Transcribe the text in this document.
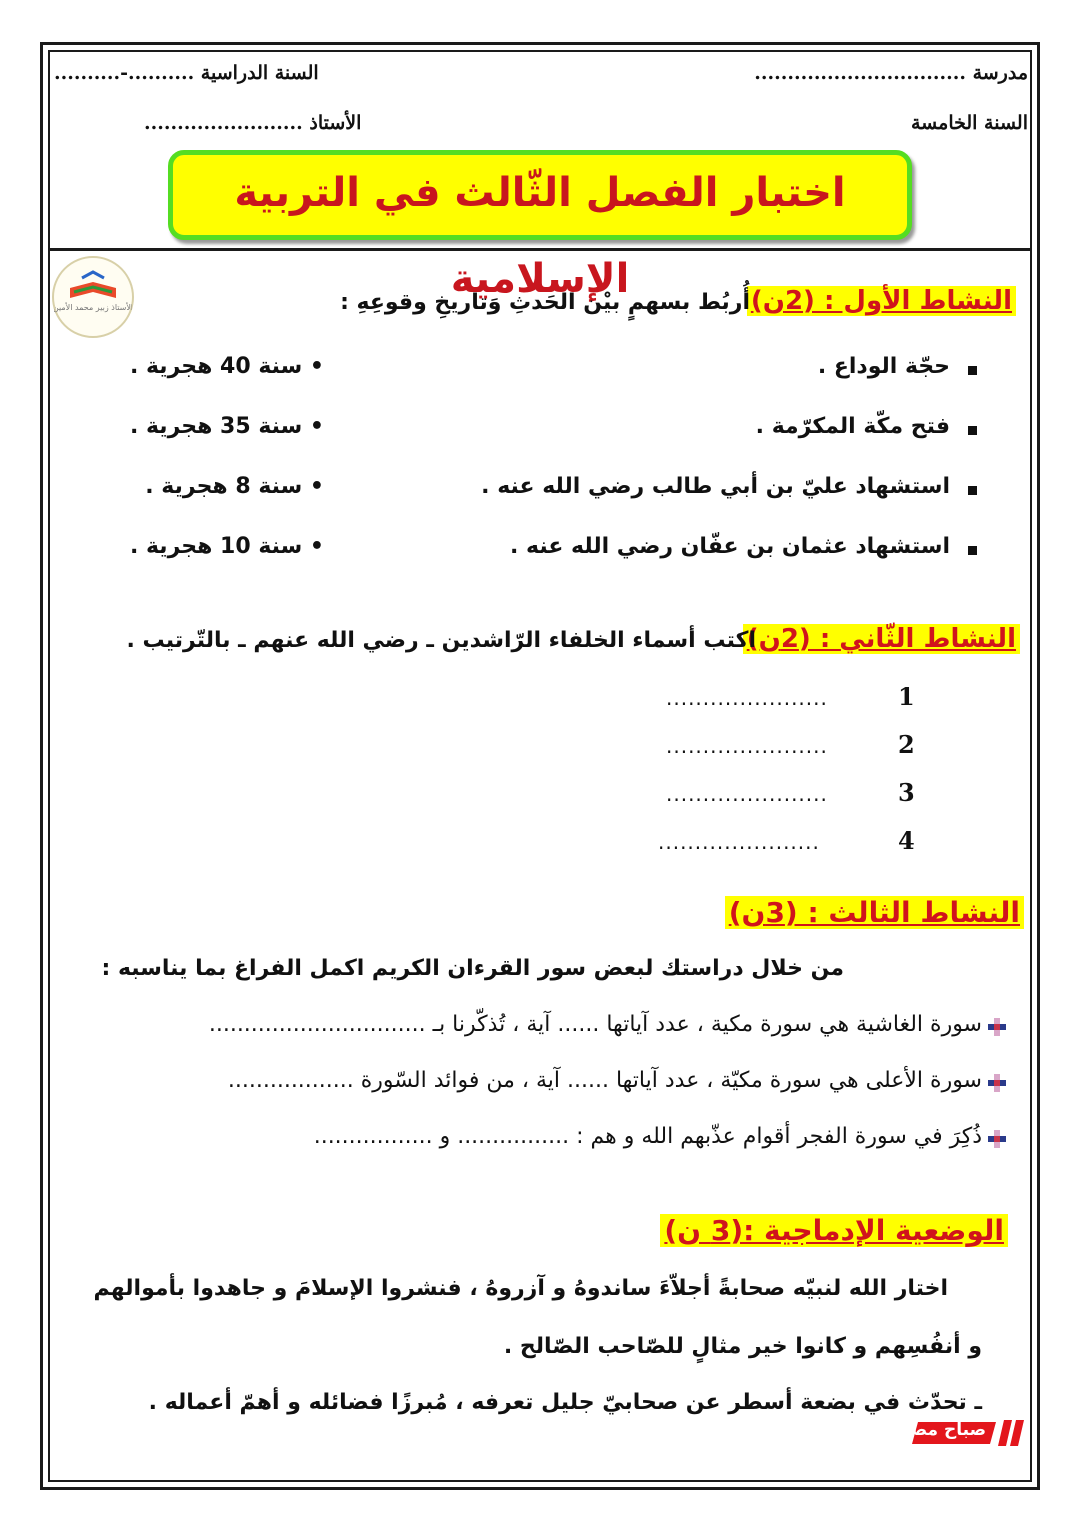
مدرسة ................................
السنة الدراسية ..........-..........
السنة الخامسة
الأستاذ ........................
اختبار الفصل الثّالث في التربية الإسلامية
الأستاذ زبير محمد الأمين	النشاط الأول : (2ن)
أُربُط بسهمٍ بيْن الحَدثِ وَتاريخِ وقوعِهِ :
حجّة الوداع .
• سنة 40 هجرية .
فتح مكّة المكرّمة .
• سنة 35 هجرية .
استشهاد عليّ بن أبي طالب رضي الله عنه .
• سنة 8 هجرية .
استشهاد عثمان بن عفّان رضي الله عنه .
• سنة 10 هجرية .
النشاط الثّاني : (2ن)
اكتب أسماء الخلفاء الرّاشدين ـ رضي الله عنهم ـ بالتّرتيب .
1
......................
2
......................
3
......................
4
......................
النشاط الثالث : (3ن)
من خلال دراستك لبعض سور القرءان الكريم اكمل الفراغ بما يناسبه :
سورة الغاشية هي سورة مكية ، عدد آياتها ...... آية ، تُذكّرنا بـ ...............................
سورة الأعلى هي سورة مكيّة ، عدد آياتها ...... آية ، من فوائد السّورة ..................
ذُكِرَ في سورة الفجر أقوام عذّبهم الله و هم : ................ و .................
الوضعية الإدماجية :(3 ن)
اختار الله لنبيّه صحابةً أجلاّءَ ساندوهُ و آزروهُ ، فنشروا الإسلامَ و جاهدوا بأموالهم
و أنفُسِهم و كانوا خير مثالٍ للصّاحب الصّالح .
ـ تحدّث في بضعة أسطر عن صحابيّ جليل تعرفه ، مُبرزًا فضائله و أهمّ أعماله .
صباح مصر
